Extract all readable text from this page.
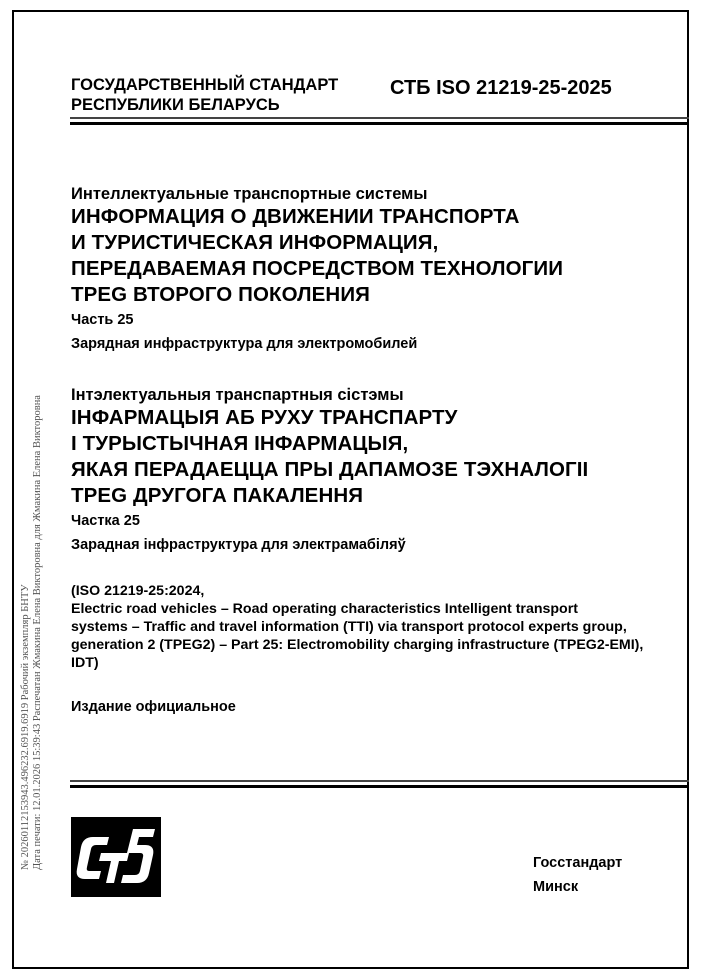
№ 20260112153943.496232.6919.6919 Рабочий экземпляр БНТУ Дата печати: 12.01.2026 15:39:43 Распечатан Жмакина Елена Викторовна для Жмакина Елена Викторовна
ГОСУДАРСТВЕННЫЙ СТАНДАРТ
РЕСПУБЛИКИ БЕЛАРУСЬ
СТБ ISO 21219-25-2025
Интеллектуальные транспортные системы
ИНФОРМАЦИЯ О ДВИЖЕНИИ ТРАНСПОРТА
И ТУРИСТИЧЕСКАЯ ИНФОРМАЦИЯ,
ПЕРЕДАВАЕМАЯ ПОСРЕДСТВОМ ТЕХНОЛОГИИ
TPEG ВТОРОГО ПОКОЛЕНИЯ
Часть 25
Зарядная инфраструктура для электромобилей
Інтэлектуальныя транспартныя сістэмы
ІНФАРМАЦЫЯ АБ РУХУ ТРАНСПАРТУ
І ТУРЫСТЫЧНАЯ ІНФАРМАЦЫЯ,
ЯКАЯ ПЕРАДАЕЦЦА ПРЫ ДАПАМОЗЕ ТЭХНАЛОГІІ
TPEG ДРУГОГА ПАКАЛЕННЯ
Частка 25
Зарадная інфраструктура для электрамабіляў
(ISO 21219-25:2024,
Electric road vehicles – Road operating characteristics Intelligent transport
systems – Traffic and travel information (TTI) via transport protocol experts group,
generation 2 (TPEG2) – Part 25: Electromobility charging infrastructure (TPEG2-EMI),
IDT)
Издание официальное
Госстандарт
Минск
